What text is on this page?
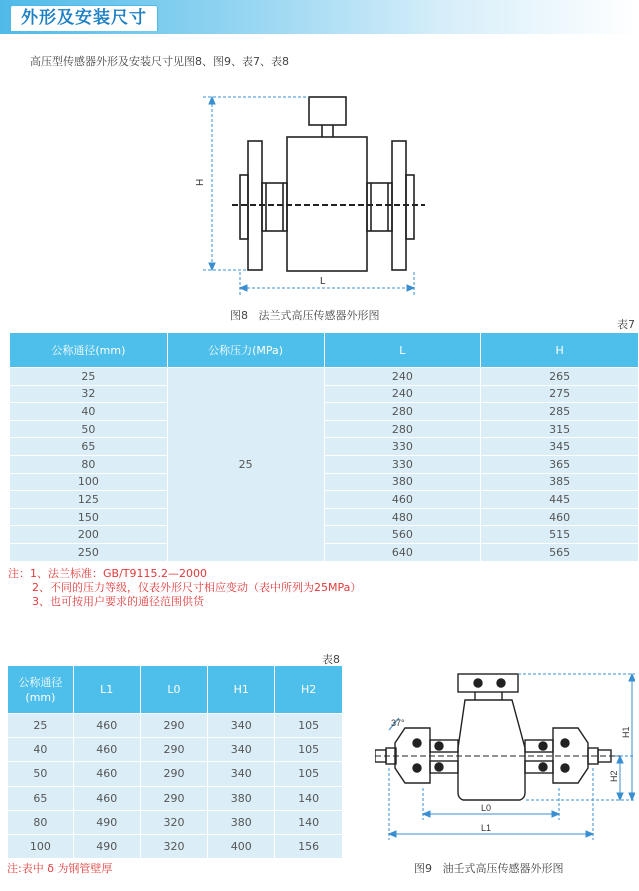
外形及安装尺寸
高压型传感器外形及安装尺寸见图8、图9、表7、表8
H
L
图8 法兰式高压传感器外形图
表7
公称通径(mm)	公称压力(MPa)	L	H
25	25	240	265
32		240	275
40		280	285
50		280	315
65		330	345
80		330	365
100		380	385
125		460	445
150		480	460
200		560	515
250		640	565
注：1、法兰标准：GB/T9115.2—2000
2、不同的压力等级，仪表外形尺寸相应变动（表中所列为25MPa）
3、也可按用户要求的通径范围供货
表8
公称通径
(mm)	L1	L0	H1	H2
25	460	290	340	105
40	460	290	340	105
50	460	290	340	105
65	460	290	380	140
80	490	320	380	140
100	490	320	400	156
注:表中 δ 为钢管壁厚
37°
H1
H2
L0
L1
图9 油壬式高压传感器外形图
